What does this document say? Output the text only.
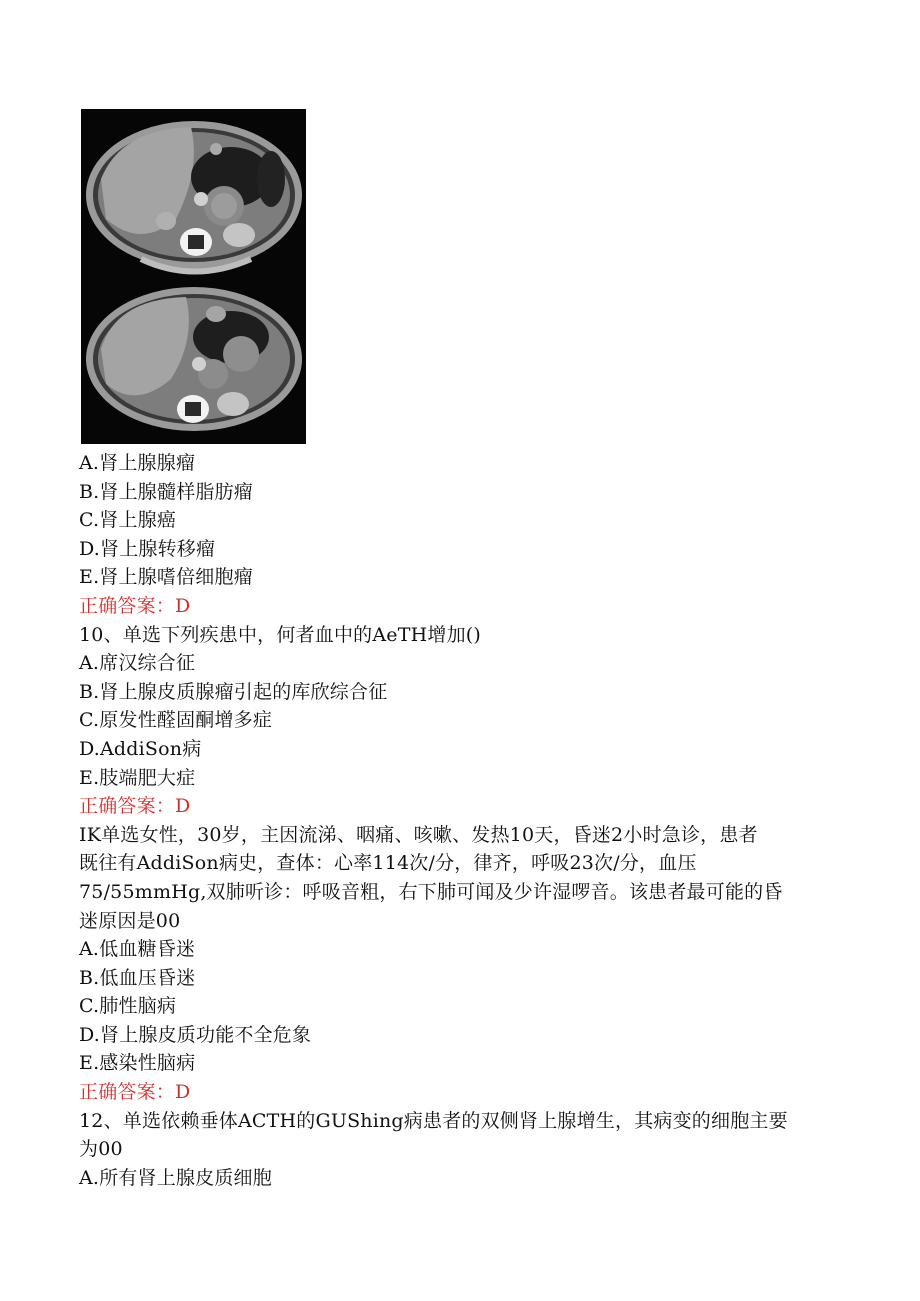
A.肾上腺腺瘤
B.肾上腺髓样脂肪瘤
C.肾上腺癌
D.肾上腺转移瘤
E.肾上腺嗜倍细胞瘤
正确答案：D
10、单选下列疾患中，何者血中的AeTH增加()
A.席汉综合征
B.肾上腺皮质腺瘤引起的库欣综合征
C.原发性醛固酮增多症
D.AddiSon病
E.肢端肥大症
正确答案：D
IK单选女性，30岁，主因流涕、咽痛、咳嗽、发热10天，昏迷2小时急诊，患者
既往有AddiSon病史，查体：心率114次/分，律齐，呼吸23次/分，血压
75/55mmHg,双肺听诊：呼吸音粗，右下肺可闻及少许湿啰音。该患者最可能的昏
迷原因是00
A.低血糖昏迷
B.低血压昏迷
C.肺性脑病
D.肾上腺皮质功能不全危象
E.感染性脑病
正确答案：D
12、单选依赖垂体ACTH的GUShing病患者的双侧肾上腺增生，其病变的细胞主要
为00
A.所有肾上腺皮质细胞
